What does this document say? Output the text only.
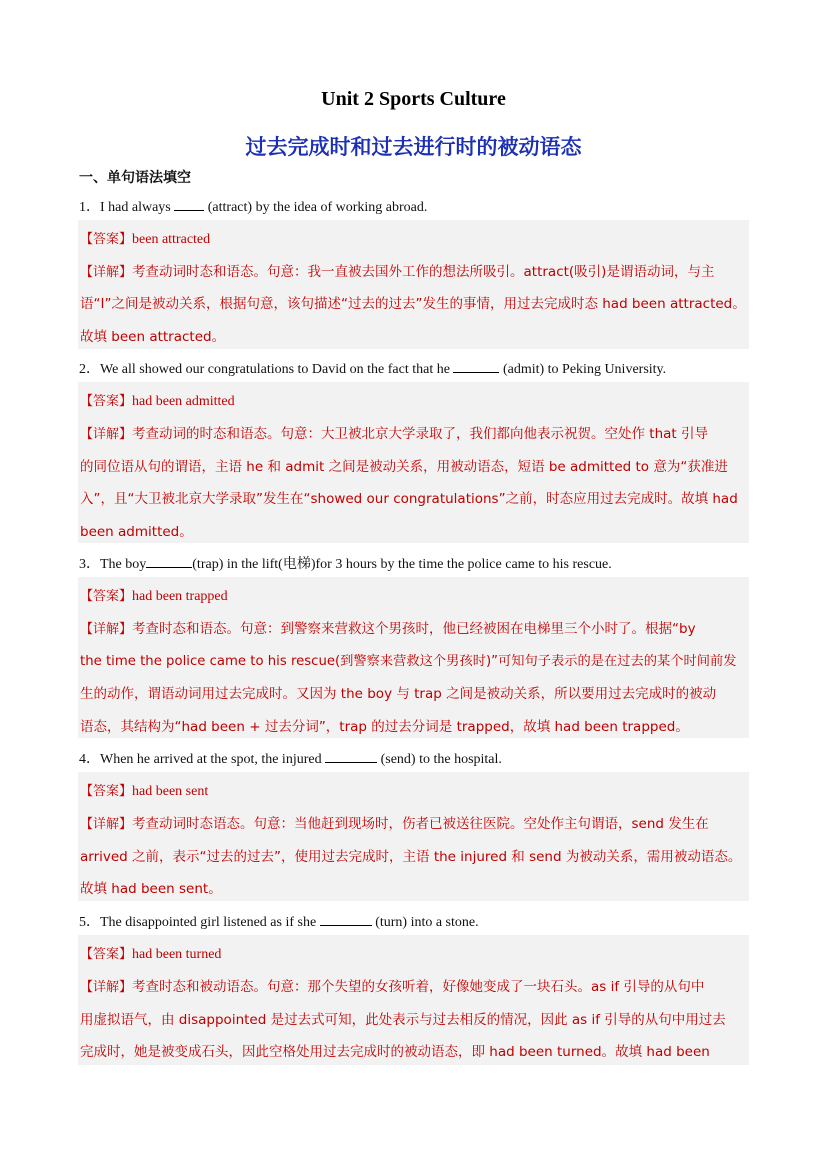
Unit 2 Sports Culture
过去完成时和过去进行时的被动语态
一、单句语法填空
1．I had always	(attract) by the idea of working abroad.
【答案】been attracted
【详解】考查动词时态和语态。句意：我一直被去国外工作的想法所吸引。attract(吸引)是谓语动词，与主
语“I”之间是被动关系，根据句意，该句描述“过去的过去”发生的事情，用过去完成时态 had been attracted。
故填 been attracted。
2．We all showed our congratulations to David on the fact that he	(admit) to Peking University.
【答案】had been admitted
【详解】考查动词的时态和语态。句意：大卫被北京大学录取了，我们都向他表示祝贺。空处作 that 引导
的同位语从句的谓语，主语 he 和 admit 之间是被动关系，用被动语态，短语 be admitted to 意为“获准进
入”，且“大卫被北京大学录取”发生在“showed our congratulations”之前，时态应用过去完成时。故填 had
been admitted。
3．The boy	(trap) in the lift(电梯)for 3 hours by the time the police came to his rescue.
【答案】had been trapped
【详解】考查时态和语态。句意：到警察来营救这个男孩时，他已经被困在电梯里三个小时了。根据“by
the time the police came to his rescue(到警察来营救这个男孩时)”可知句子表示的是在过去的某个时间前发
生的动作，谓语动词用过去完成时。又因为 the boy 与 trap 之间是被动关系，所以要用过去完成时的被动
语态，其结构为“had been + 过去分词”，trap 的过去分词是 trapped，故填 had been trapped。
4．When he arrived at the spot, the injured	(send) to the hospital.
【答案】had been sent
【详解】考查动词时态语态。句意：当他赶到现场时，伤者已被送往医院。空处作主句谓语，send 发生在
arrived 之前，表示“过去的过去”，使用过去完成时，主语 the injured 和 send 为被动关系，需用被动语态。
故填 had been sent。
5．The disappointed girl listened as if she	(turn) into a stone.
【答案】had been turned
【详解】考查时态和被动语态。句意：那个失望的女孩听着，好像她变成了一块石头。as if 引导的从句中
用虚拟语气，由 disappointed 是过去式可知，此处表示与过去相反的情况，因此 as if 引导的从句中用过去
完成时，她是被变成石头，因此空格处用过去完成时的被动语态，即 had been turned。故填 had been
